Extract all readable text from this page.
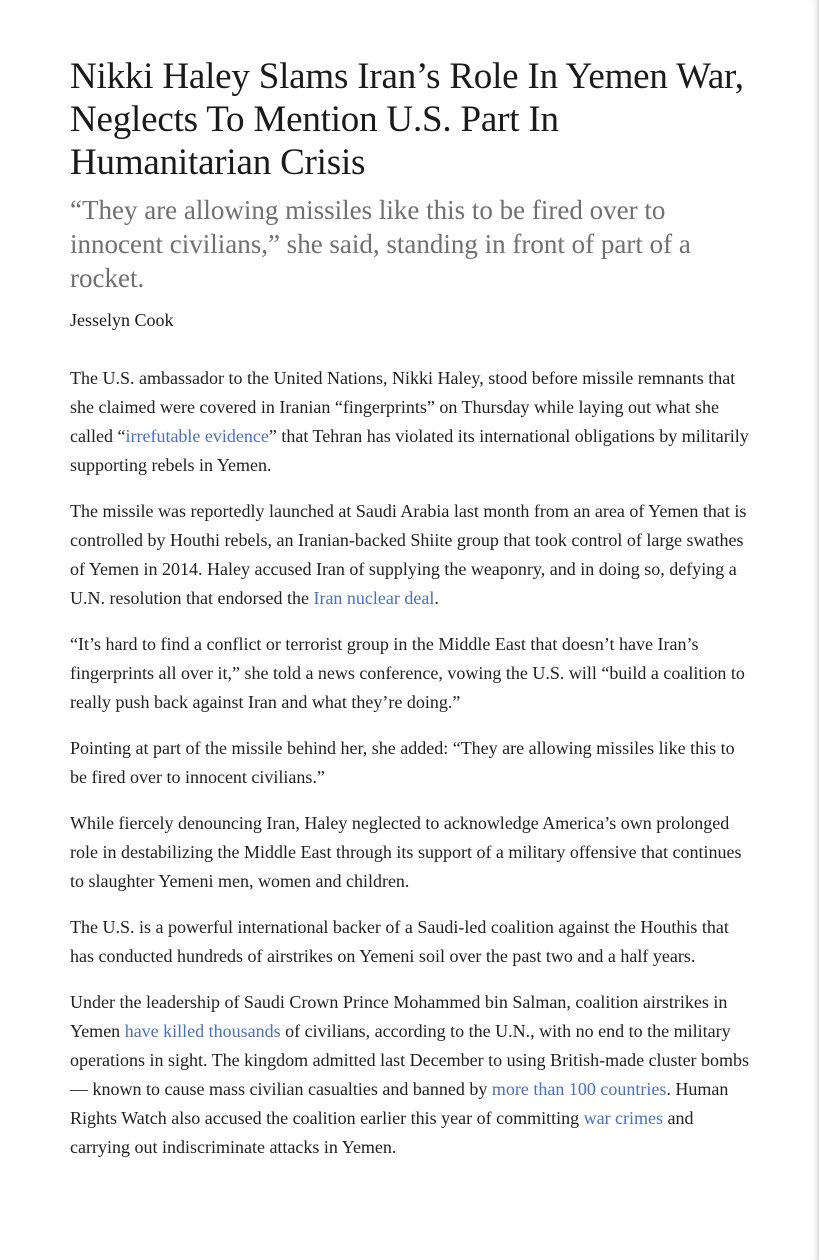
Nikki Haley Slams Iran’s Role In Yemen War, Neglects To Mention U.S. Part In Humanitarian Crisis
“They are allowing missiles like this to be fired over to innocent civilians,” she said, standing in front of part of a rocket.
Jesselyn Cook

The U.S. ambassador to the United Nations, Nikki Haley, stood before missile remnants that she claimed were covered in Iranian “fingerprints” on Thursday while laying out what she called “irrefutable evidence” that Tehran has violated its international obligations by militarily supporting rebels in Yemen.

The missile was reportedly launched at Saudi Arabia last month from an area of Yemen that is controlled by Houthi rebels, an Iranian-backed Shiite group that took control of large swathes of Yemen in 2014. Haley accused Iran of supplying the weaponry, and in doing so, defying a U.N. resolution that endorsed the Iran nuclear deal.

“It’s hard to find a conflict or terrorist group in the Middle East that doesn’t have Iran’s fingerprints all over it,” she told a news conference, vowing the U.S. will “build a coalition to really push back against Iran and what they’re doing.”

Pointing at part of the missile behind her, she added: “They are allowing missiles like this to be fired over to innocent civilians.”

While fiercely denouncing Iran, Haley neglected to acknowledge America’s own prolonged role in destabilizing the Middle East through its support of a military offensive that continues to slaughter Yemeni men, women and children.

The U.S. is a powerful international backer of a Saudi-led coalition against the Houthis that has conducted hundreds of airstrikes on Yemeni soil over the past two and a half years.

Under the leadership of Saudi Crown Prince Mohammed bin Salman, coalition airstrikes in Yemen have killed thousands of civilians, according to the U.N., with no end to the military operations in sight. The kingdom admitted last December to using British-made cluster bombs — known to cause mass civilian casualties and banned by more than 100 countries. Human Rights Watch also accused the coalition earlier this year of committing war crimes and carrying out indiscriminate attacks in Yemen.
